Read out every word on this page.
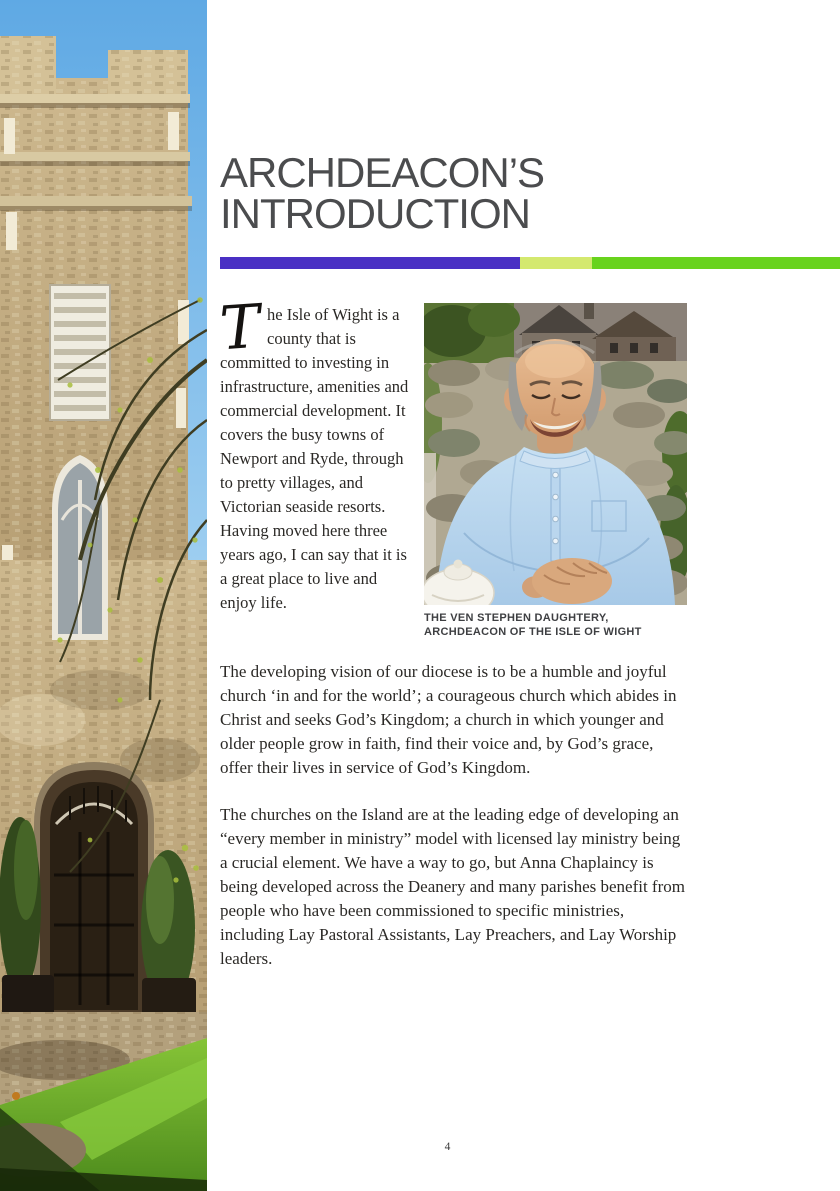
ARCHDEACON’S
INTRODUCTION

The Isle of Wight is a county that is committed to investing in infrastructure, amenities and commercial development. It covers the busy towns of Newport and Ryde, through to pretty villages, and Victorian seaside resorts. Having moved here three years ago, I can say that it is a great place to live and enjoy life.

THE VEN STEPHEN DAUGHTERY,
ARCHDEACON OF THE ISLE OF WIGHT

The developing vision of our diocese is to be a humble and joyful church ‘in and for the world’; a courageous church which abides in Christ and seeks God’s Kingdom; a church in which younger and older people grow in faith, find their voice and, by God’s grace, offer their lives in service of God’s Kingdom.

The churches on the Island are at the leading edge of developing an “every member in ministry” model with licensed lay ministry being a crucial element. We have a way to go, but Anna Chaplaincy is being developed across the Deanery and many parishes benefit from people who have been commissioned to specific ministries, including Lay Pastoral Assistants, Lay Preachers, and Lay Worship leaders.

4
